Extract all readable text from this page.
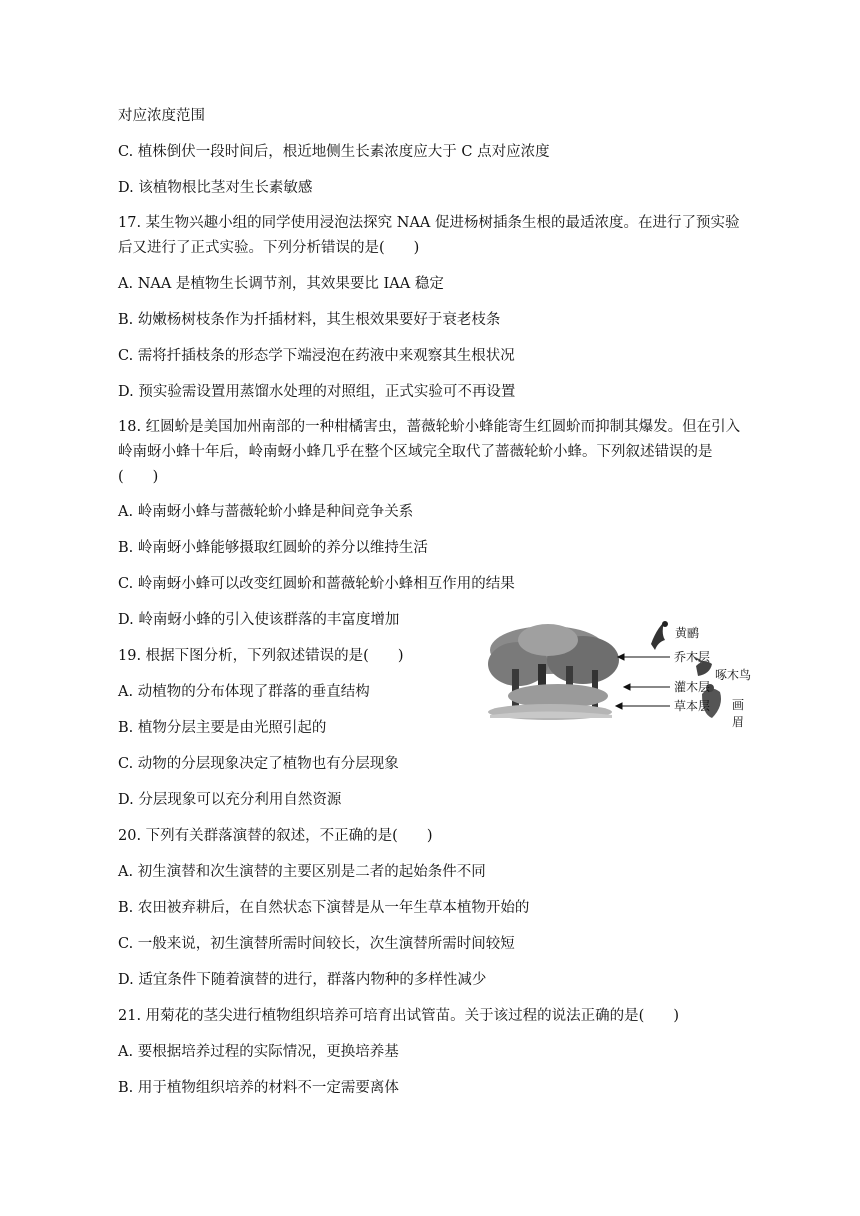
对应浓度范围
C. 植株倒伏一段时间后，根近地侧生长素浓度应大于 C 点对应浓度
D. 该植物根比茎对生长素敏感
17. 某生物兴趣小组的同学使用浸泡法探究 NAA 促进杨树插条生根的最适浓度。在进行了预实验后又进行了正式实验。下列分析错误的是(　　)
A. NAA 是植物生长调节剂，其效果要比 IAA 稳定
B. 幼嫩杨树枝条作为扦插材料，其生根效果要好于衰老枝条
C. 需将扦插枝条的形态学下端浸泡在药液中来观察其生根状况
D. 预实验需设置用蒸馏水处理的对照组，正式实验可不再设置
18. 红圆蚧是美国加州南部的一种柑橘害虫，蔷薇轮蚧小蜂能寄生红圆蚧而抑制其爆发。但在引入岭南蚜小蜂十年后，岭南蚜小蜂几乎在整个区域完全取代了蔷薇轮蚧小蜂。下列叙述错误的是(　　)
A. 岭南蚜小蜂与蔷薇轮蚧小蜂是种间竞争关系
B. 岭南蚜小蜂能够摄取红圆蚧的养分以维持生活
C. 岭南蚜小蜂可以改变红圆蚧和蔷薇轮蚧小蜂相互作用的结果
D. 岭南蚜小蜂的引入使该群落的丰富度增加
19. 根据下图分析，下列叙述错误的是(　　)
A. 动植物的分布体现了群落的垂直结构
B. 植物分层主要是由光照引起的
C. 动物的分层现象决定了植物也有分层现象
D. 分层现象可以充分利用自然资源
20. 下列有关群落演替的叙述，不正确的是(　　)
A. 初生演替和次生演替的主要区别是二者的起始条件不同
B. 农田被弃耕后，在自然状态下演替是从一年生草本植物开始的
C. 一般来说，初生演替所需时间较长，次生演替所需时间较短
D. 适宜条件下随着演替的进行，群落内物种的多样性减少
21. 用菊花的茎尖进行植物组织培养可培育出试管苗。关于该过程的说法正确的是(　　)
A. 要根据培养过程的实际情况，更换培养基
B. 用于植物组织培养的材料不一定需要离体
黄鹂
乔木层
啄木鸟
灌木层
草本层 画
眉
